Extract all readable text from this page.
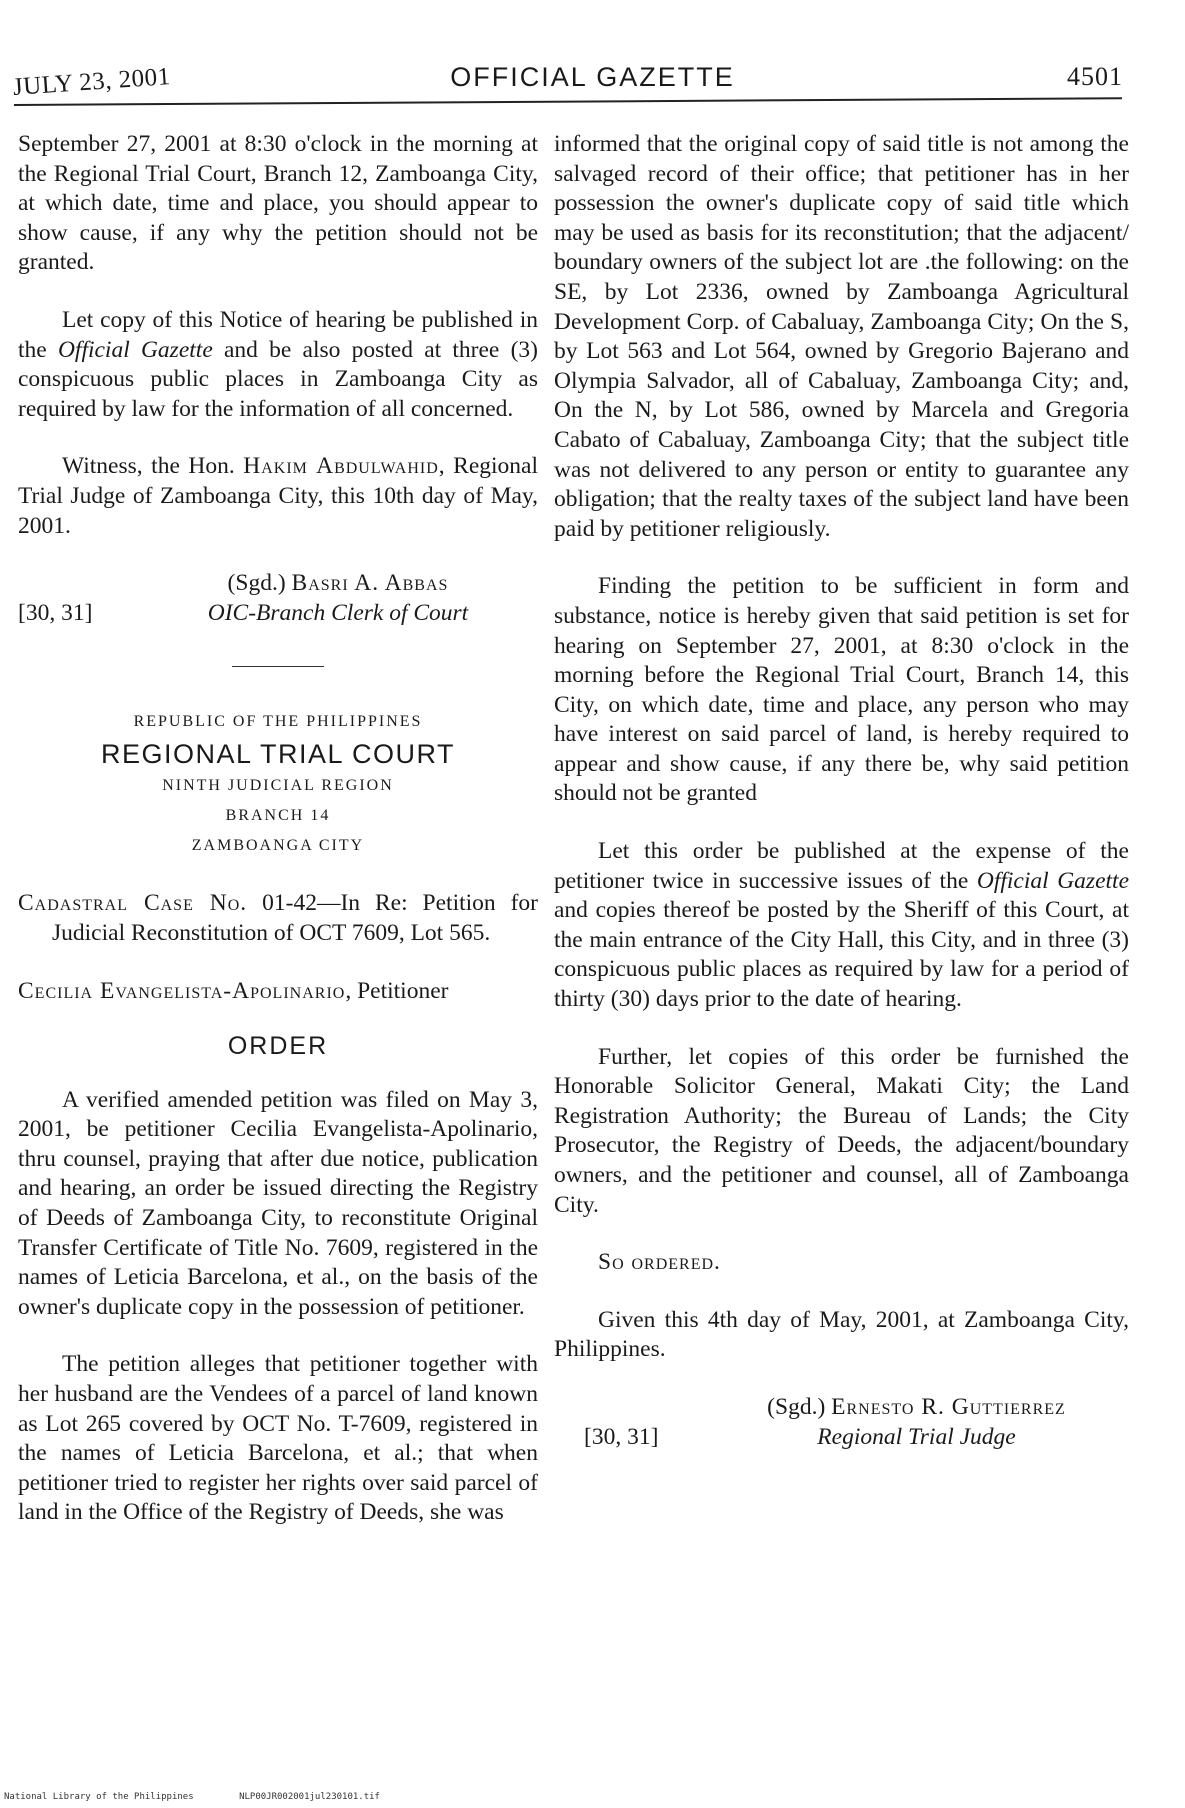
JULY 23, 2001	OFFICIAL GAZETTE	4501

September 27, 2001 at 8:30 o'clock in the morning at the Regional Trial Court, Branch 12, Zamboanga City, at which date, time and place, you should appear to show cause, if any why the petition should not be granted.

Let copy of this Notice of hearing be published in the Official Gazette and be also posted at three (3) conspicuous public places in Zamboanga City as required by law for the information of all concerned.

Witness, the Hon. Hakim Abdulwahid, Regional Trial Judge of Zamboanga City, this 10th day of May, 2001.

[30, 31]
(Sgd.) Basri A. Abbas
OIC-Branch Clerk of Court
REPUBLIC OF THE PHILIPPINES
REGIONAL TRIAL COURT
NINTH JUDICIAL REGION
BRANCH 14
ZAMBOANGA CITY

Cadastral Case No. 01-42—In Re: Petition for Judicial Reconstitution of OCT 7609, Lot 565.

Cecilia Evangelista-Apolinario, Petitioner

ORDER

A verified amended petition was filed on May 3, 2001, be petitioner Cecilia Evangelista-Apolinario, thru counsel, praying that after due notice, publication and hearing, an order be issued directing the Registry of Deeds of Zamboanga City, to reconstitute Original Transfer Certificate of Title No. 7609, registered in the names of Leticia Barcelona, et al., on the basis of the owner's duplicate copy in the possession of petitioner.

The petition alleges that petitioner together with her husband are the Vendees of a parcel of land known as Lot 265 covered by OCT No. T-7609, registered in the names of Leticia Barcelona, et al.; that when petitioner tried to register her rights over said parcel of land in the Office of the Registry of Deeds, she was

informed that the original copy of said title is not among the salvaged record of their office; that petitioner has in her possession the owner's duplicate copy of said title which may be used as basis for its reconstitution; that the adjacent/ boundary owners of the subject lot are .the following: on the SE, by Lot 2336, owned by Zamboanga Agricultural Development Corp. of Cabaluay, Zamboanga City; On the S, by Lot 563 and Lot 564, owned by Gregorio Bajerano and Olympia Salvador, all of Cabaluay, Zamboanga City; and, On the N, by Lot 586, owned by Marcela and Gregoria Cabato of Cabaluay, Zamboanga City; that the subject title was not delivered to any person or entity to guarantee any obligation; that the realty taxes of the subject land have been paid by petitioner religiously.

Finding the petition to be sufficient in form and substance, notice is hereby given that said petition is set for hearing on September 27, 2001, at 8:30 o'clock in the morning before the Regional Trial Court, Branch 14, this City, on which date, time and place, any person who may have interest on said parcel of land, is hereby required to appear and show cause, if any there be, why said petition should not be granted

Let this order be published at the expense of the petitioner twice in successive issues of the Official Gazette and copies thereof be posted by the Sheriff of this Court, at the main entrance of the City Hall, this City, and in three (3) conspicuous public places as required by law for a period of thirty (30) days prior to the date of hearing.

Further, let copies of this order be furnished the Honorable Solicitor General, Makati City; the Land Registration Authority; the Bureau of Lands; the City Prosecutor, the Registry of Deeds, the adjacent/boundary owners, and the petitioner and counsel, all of Zamboanga City.

So ordered.

Given this 4th day of May, 2001, at Zamboanga City, Philippines.

[30, 31]
(Sgd.) Ernesto R. Guttierrez
Regional Trial Judge
National Library of the Philippines	NLP00JR002001jul230101.tif
